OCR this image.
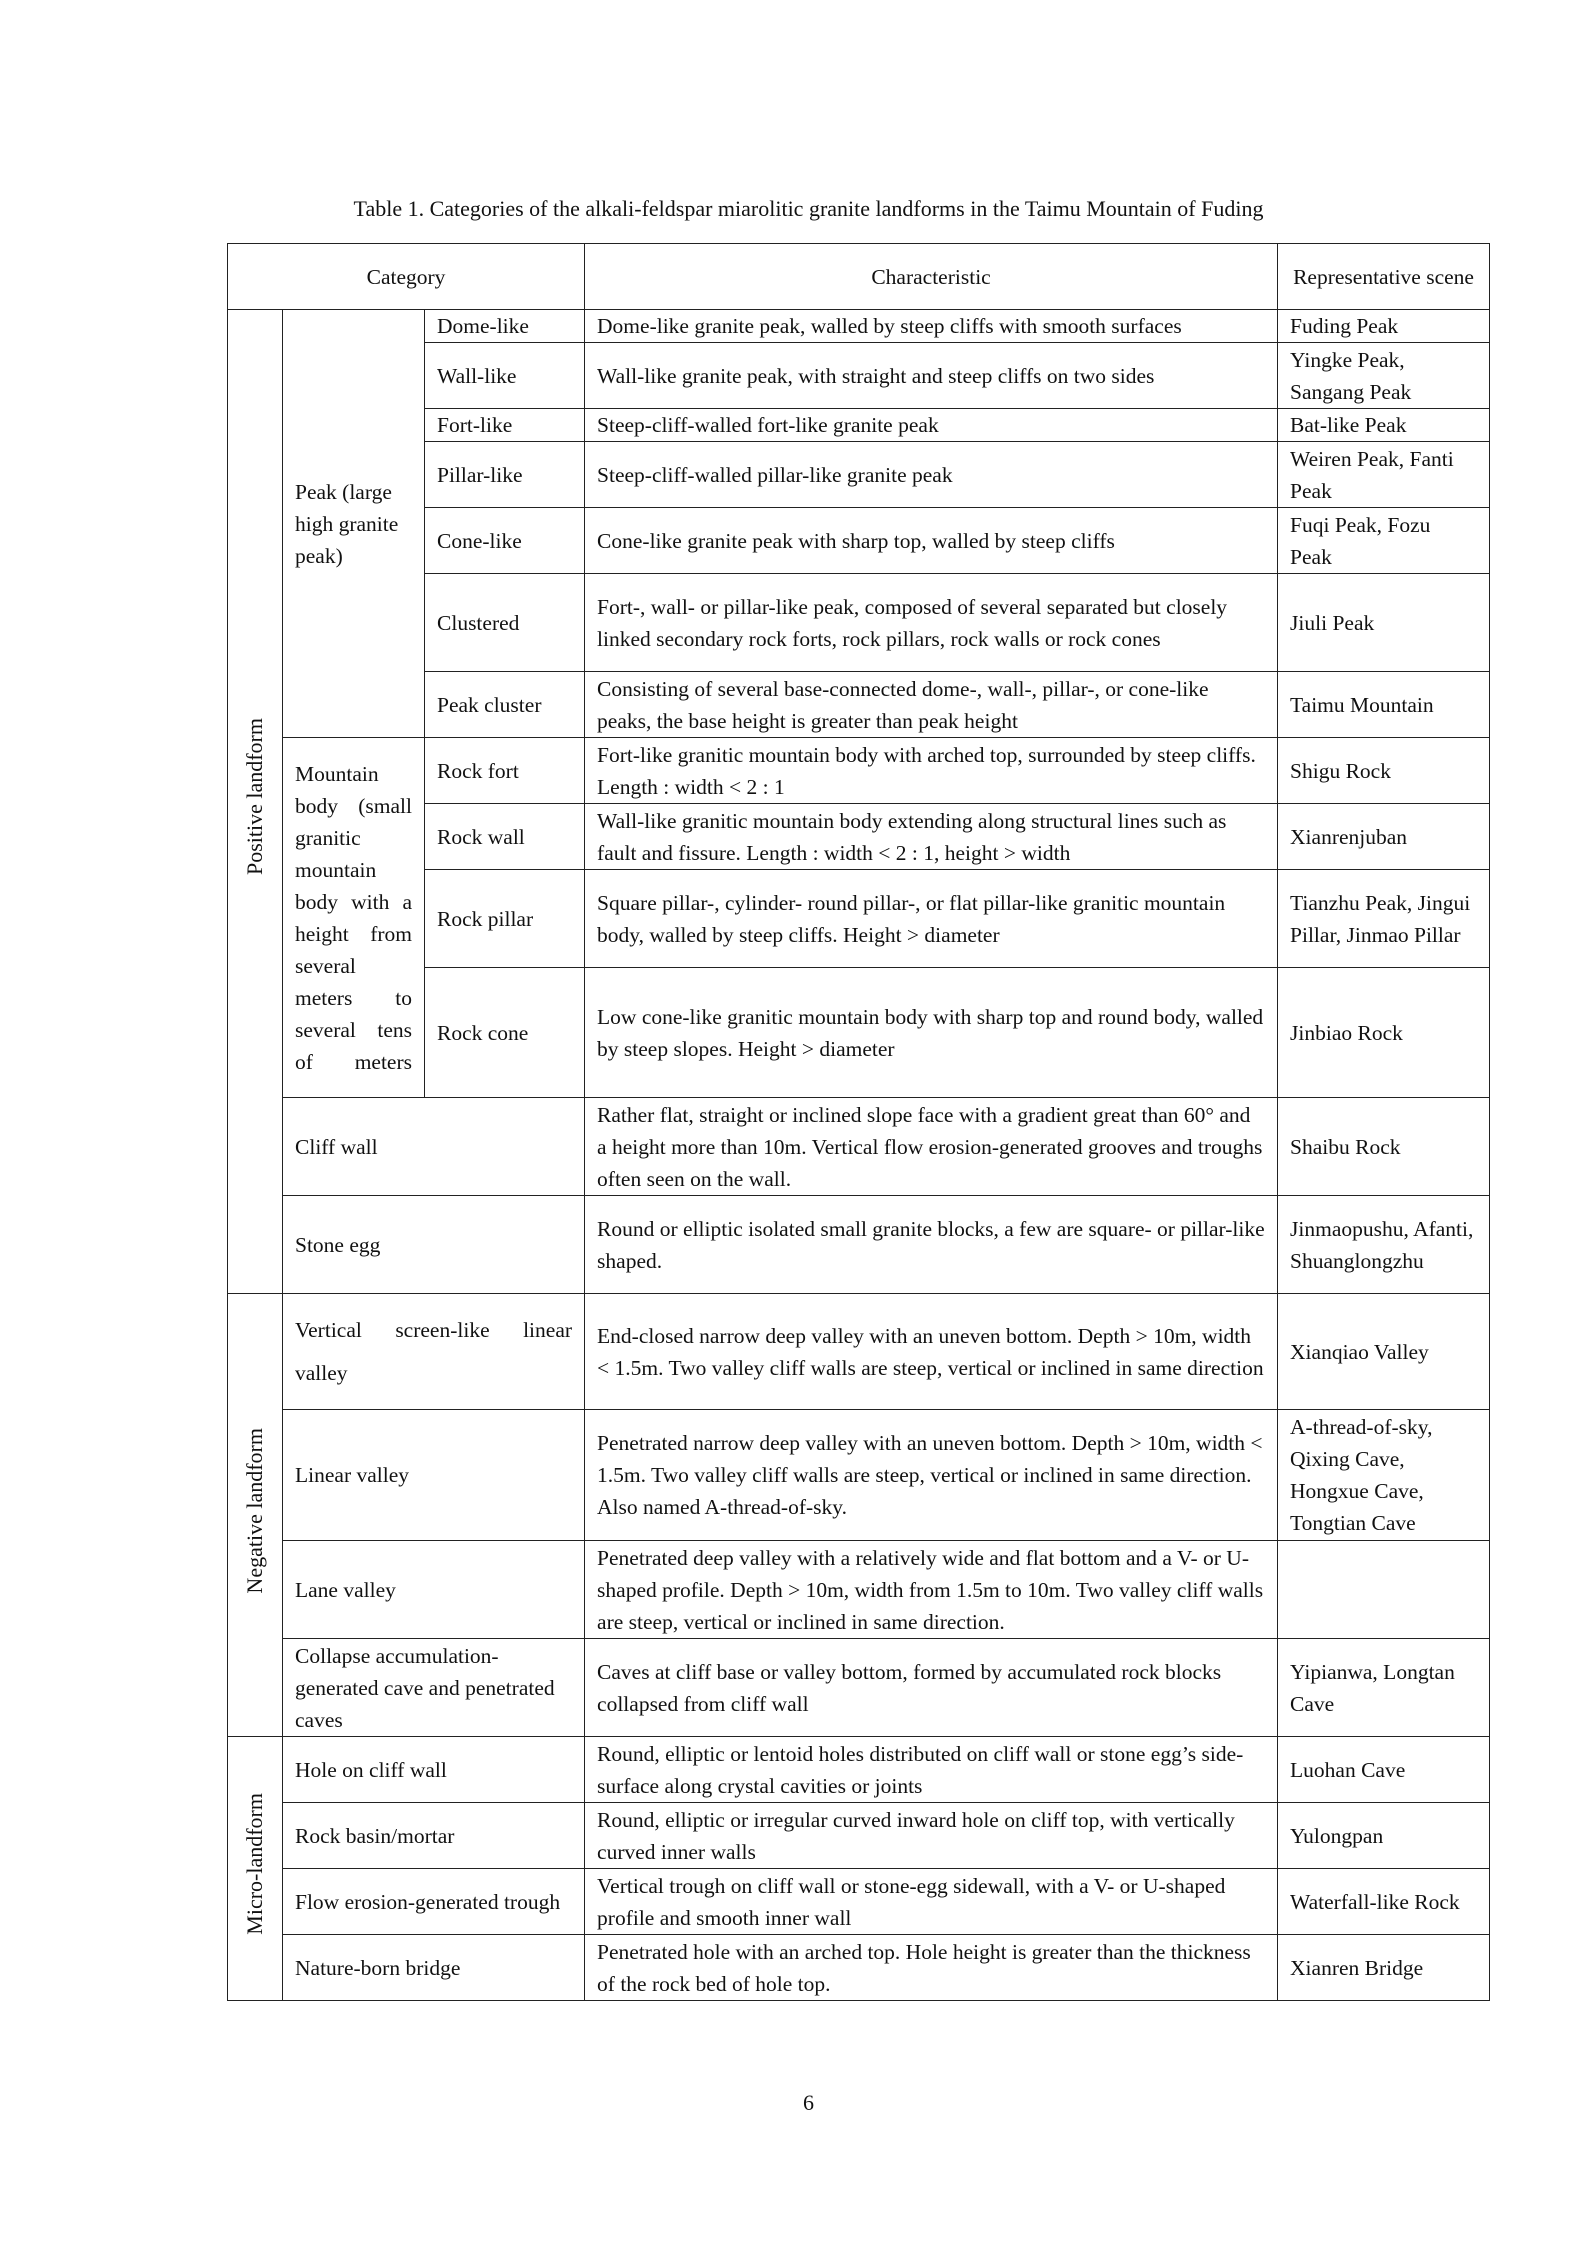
Table 1. Categories of the alkali-feldspar miarolitic granite landforms in the Taimu Mountain of Fuding
Category			Characteristic	Representative scene
Positive landform	Peak (large high granite peak)	Dome-like	Dome-like granite peak, walled by steep cliffs with smooth surfaces	Fuding Peak
		Wall-like	Wall-like granite peak, with straight and steep cliffs on two sides	Yingke Peak, Sangang Peak
		Fort-like	Steep-cliff-walled fort-like granite peak	Bat-like Peak
		Pillar-like	Steep-cliff-walled pillar-like granite peak	Weiren Peak, Fanti Peak
		Cone-like	Cone-like granite peak with sharp top, walled by steep cliffs	Fuqi Peak, Fozu Peak
		Clustered	Fort-, wall- or pillar-like peak, composed of several separated but closely linked secondary rock forts, rock pillars, rock walls or rock cones	Jiuli Peak
		Peak cluster	Consisting of several base-connected dome-, wall-, pillar-, or cone-like peaks, the base height is greater than peak height	Taimu Mountain
	Mountain body (small granitic mountain body with a height from several meters to several tens of meters	Rock fort	Fort-like granitic mountain body with arched top, surrounded by steep cliffs. Length : width < 2 : 1	Shigu Rock
		Rock wall	Wall-like granitic mountain body extending along structural lines such as fault and fissure. Length : width < 2 : 1, height > width	Xianrenjuban
		Rock pillar	Square pillar-, cylinder- round pillar-, or flat pillar-like granitic mountain body, walled by steep cliffs. Height > diameter	Tianzhu Peak, Jingui Pillar, Jinmao Pillar
		Rock cone	Low cone-like granitic mountain body with sharp top and round body, walled by steep slopes. Height > diameter	Jinbiao Rock
	Cliff wall		Rather flat, straight or inclined slope face with a gradient great than 60° and a height more than 10m. Vertical flow erosion-generated grooves and troughs often seen on the wall.	Shaibu Rock
	Stone egg		Round or elliptic isolated small granite blocks, a few are square- or pillar-like shaped.	Jinmaopushu, Afanti, Shuanglongzhu
Negative landform	Vertical screen-like linear valley		End-closed narrow deep valley with an uneven bottom. Depth > 10m, width < 1.5m. Two valley cliff walls are steep, vertical or inclined in same direction	Xianqiao Valley
	Linear valley		Penetrated narrow deep valley with an uneven bottom. Depth > 10m, width < 1.5m. Two valley cliff walls are steep, vertical or inclined in same direction. Also named A-thread-of-sky.	A-thread-of-sky, Qixing Cave, Hongxue Cave, Tongtian Cave
	Lane valley		Penetrated deep valley with a relatively wide and flat bottom and a V- or U-shaped profile. Depth > 10m, width from 1.5m to 10m. Two valley cliff walls are steep, vertical or inclined in same direction.	
	Collapse accumulation-generated cave and penetrated caves		Caves at cliff base or valley bottom, formed by accumulated rock blocks collapsed from cliff wall	Yipianwa, Longtan Cave
Micro-landform	Hole on cliff wall		Round, elliptic or lentoid holes distributed on cliff wall or stone egg’s side-surface along crystal cavities or joints	Luohan Cave
	Rock basin/mortar		Round, elliptic or irregular curved inward hole on cliff top, with vertically curved inner walls	Yulongpan
	Flow erosion-generated trough		Vertical trough on cliff wall or stone-egg sidewall, with a V- or U-shaped profile and smooth inner wall	Waterfall-like Rock
	Nature-born bridge		Penetrated hole with an arched top. Hole height is greater than the thickness of the rock bed of hole top.	Xianren Bridge
6
